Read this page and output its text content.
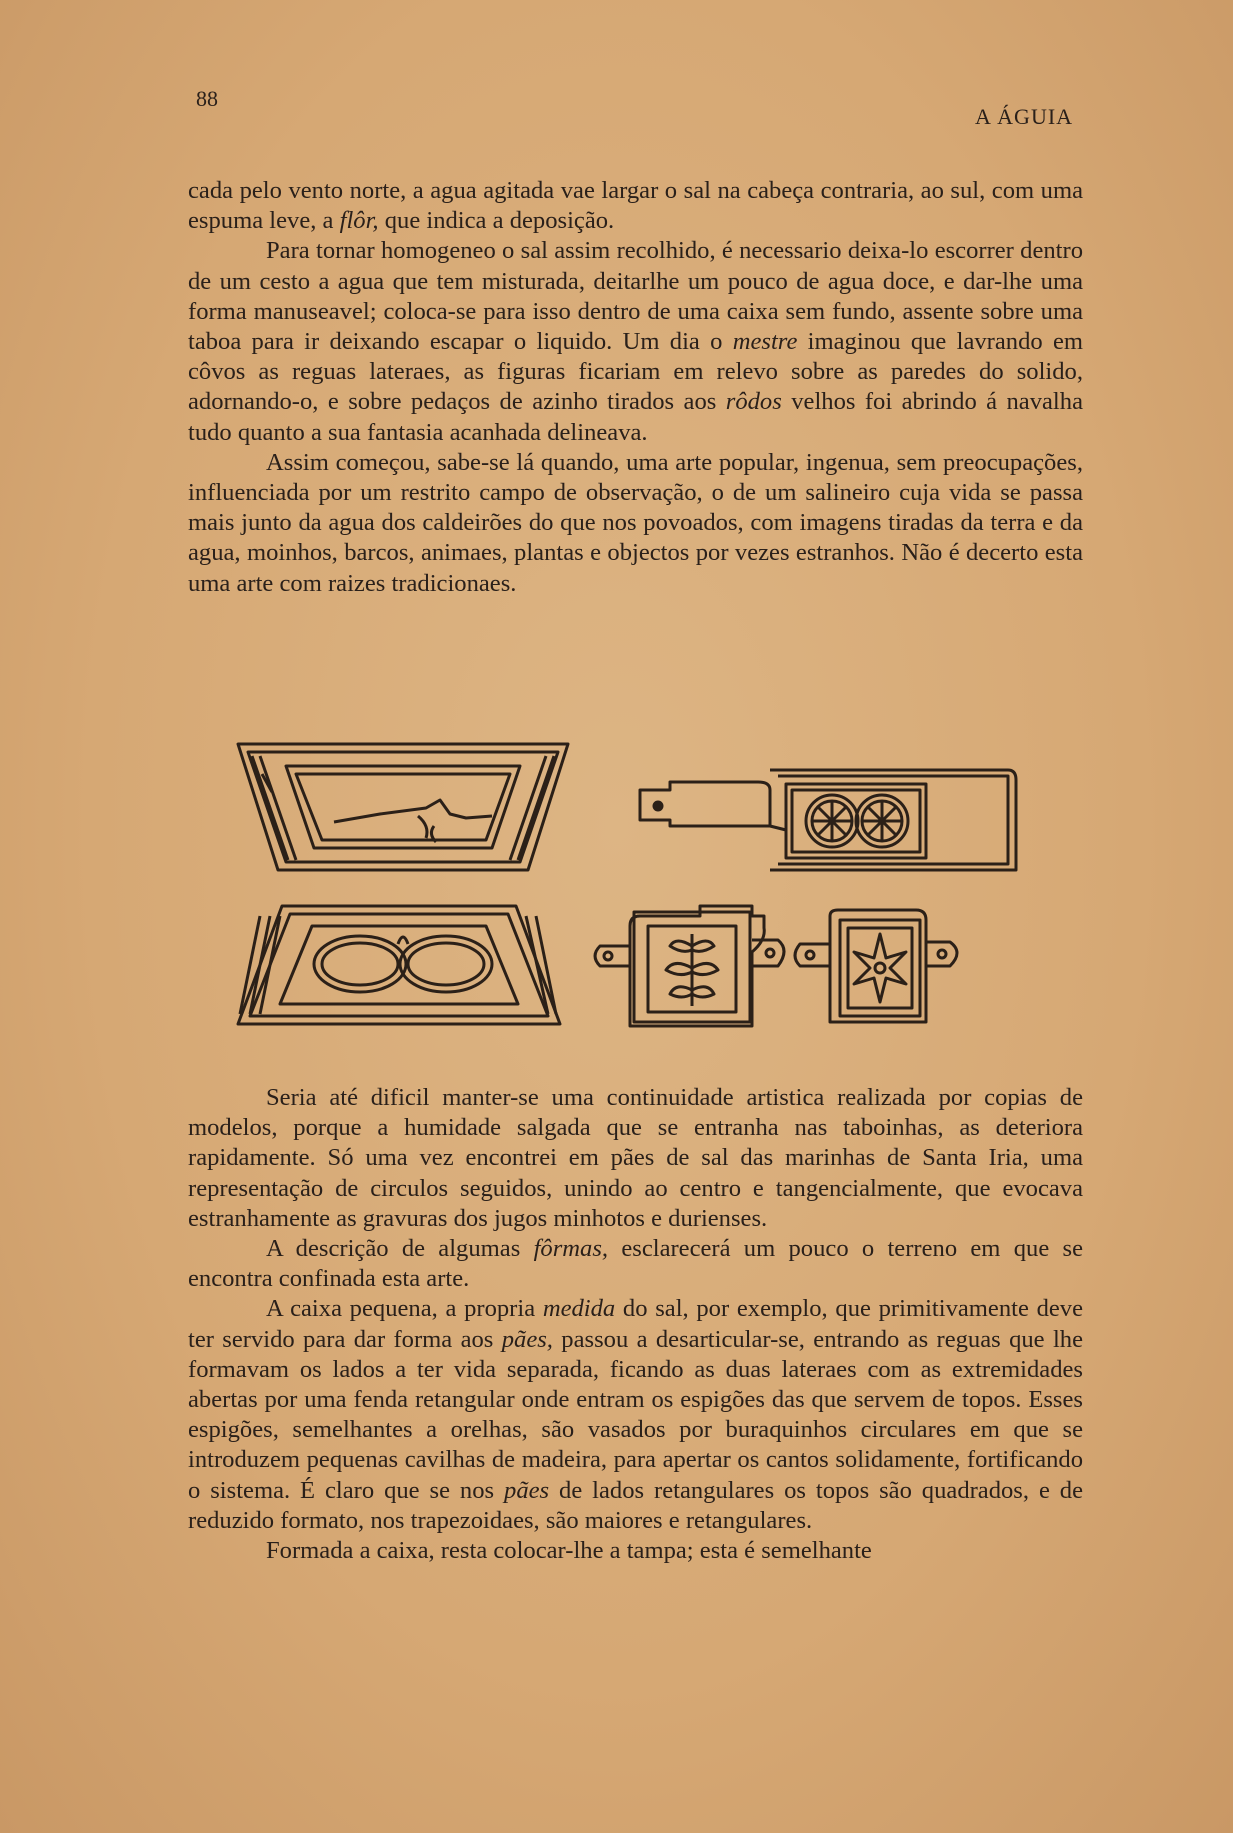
88
A ÁGUIA

cada pelo vento norte, a agua agitada vae largar o sal na cabeça contraria, ao sul, com uma espuma leve, a flôr, que indica a deposição.

Para tornar homogeneo o sal assim recolhido, é necessario deixa-lo escorrer dentro de um cesto a agua que tem misturada, deitarlhe um pouco de agua doce, e dar-lhe uma forma manuseavel; coloca-se para isso dentro de uma caixa sem fundo, assente sobre uma taboa para ir deixando escapar o liquido. Um dia o mestre imaginou que lavrando em côvos as reguas lateraes, as figuras ficariam em relevo sobre as paredes do solido, adornando-o, e sobre pedaços de azinho tirados aos rôdos velhos foi abrindo á navalha tudo quanto a sua fantasia acanhada delineava.

Assim começou, sabe-se lá quando, uma arte popular, ingenua, sem preocupações, influenciada por um restrito campo de observação, o de um salineiro cuja vida se passa mais junto da agua dos caldeirões do que nos povoados, com imagens tiradas da terra e da agua, moinhos, barcos, animaes, plantas e objectos por vezes estranhos. Não é decerto esta uma arte com raizes tradicionaes.

Seria até dificil manter-se uma continuidade artistica realizada por copias de modelos, porque a humidade salgada que se entranha nas taboinhas, as deteriora rapidamente. Só uma vez encontrei em pães de sal das marinhas de Santa Iria, uma representação de circulos seguidos, unindo ao centro e tangencialmente, que evocava estranhamente as gravuras dos jugos minhotos e durienses.

A descrição de algumas fôrmas, esclarecerá um pouco o terreno em que se encontra confinada esta arte.

A caixa pequena, a propria medida do sal, por exemplo, que primitivamente deve ter servido para dar forma aos pães, passou a desarticular-se, entrando as reguas que lhe formavam os lados a ter vida separada, ficando as duas lateraes com as extremidades abertas por uma fenda retangular onde entram os espigões das que servem de topos. Esses espigões, semelhantes a orelhas, são vasados por buraquinhos circulares em que se introduzem pequenas cavilhas de madeira, para apertar os cantos solidamente, fortificando o sistema. É claro que se nos pães de lados retangulares os topos são quadrados, e de reduzido formato, nos trapezoidaes, são maiores e retangulares.

Formada a caixa, resta colocar-lhe a tampa; esta é semelhante
